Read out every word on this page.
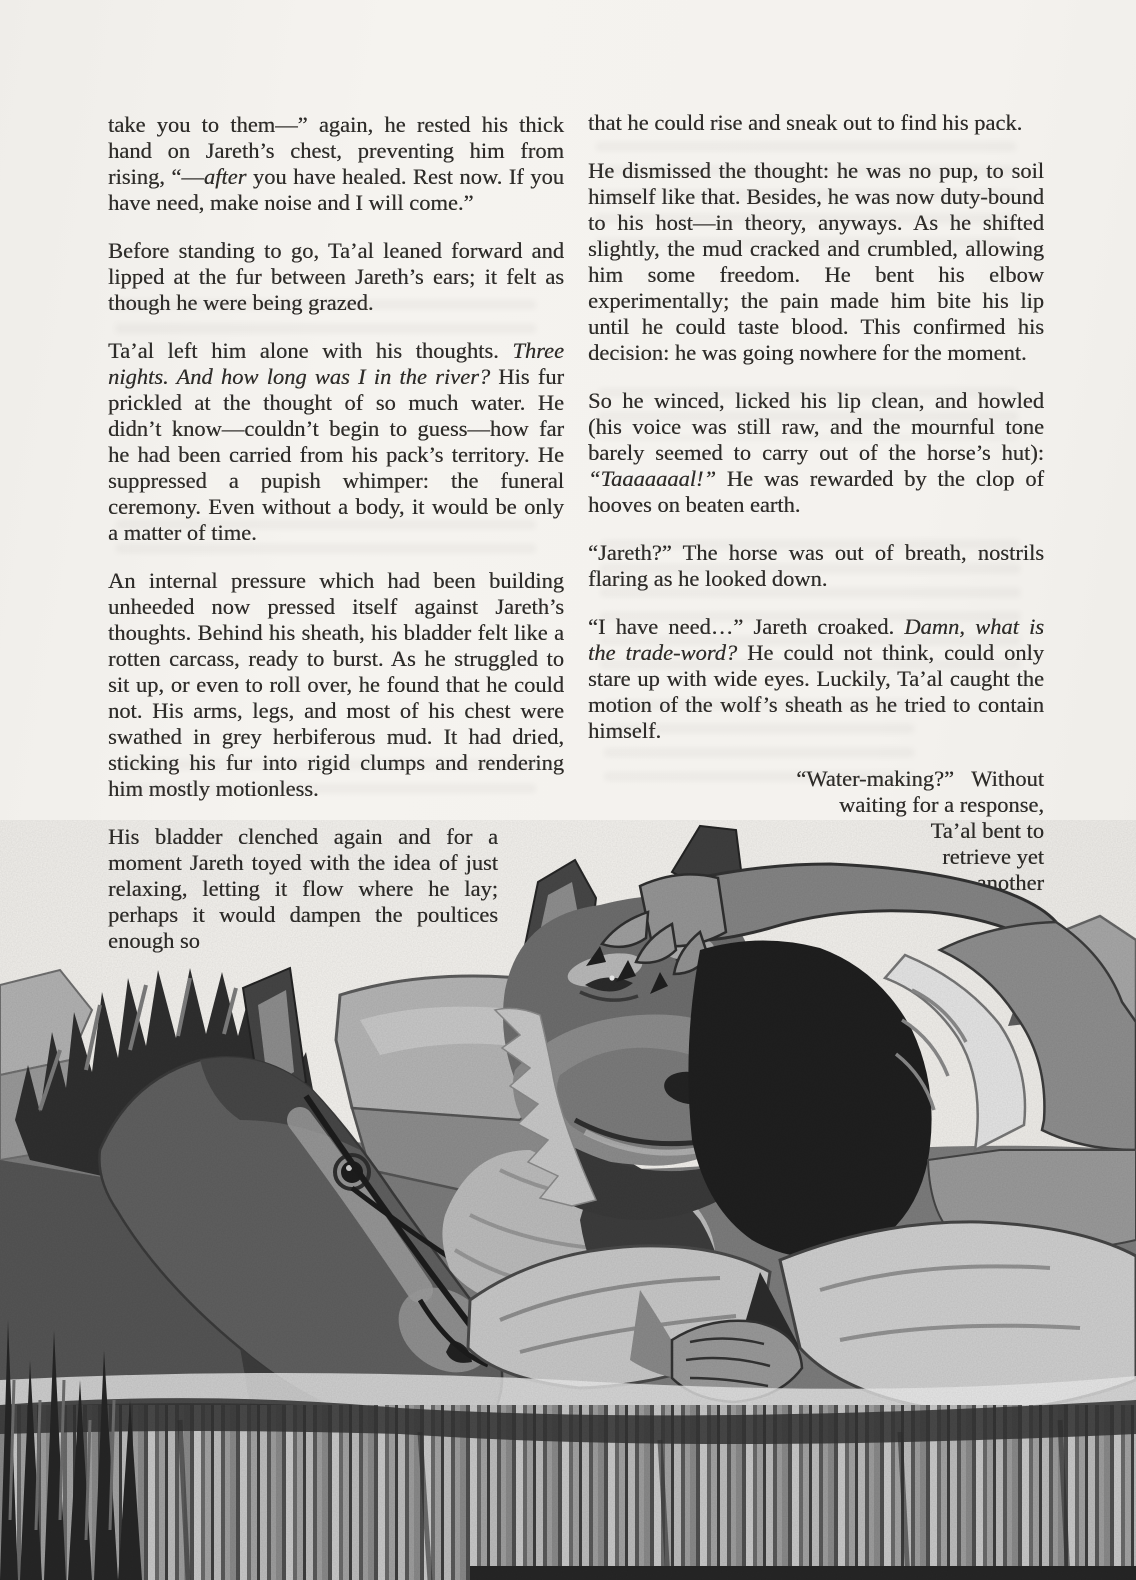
take you to them—” again, he rested his thick hand on Jareth’s chest, preventing him from rising, “—after you have healed. Rest now. If you have need, make noise and I will come.”

Before standing to go, Ta’al leaned forward and lipped at the fur between Jareth’s ears; it felt as though he were being grazed.

Ta’al left him alone with his thoughts. Three nights. And how long was I in the river? His fur prickled at the thought of so much water. He didn’t know—couldn’t begin to guess—how far he had been carried from his pack’s territory. He suppressed a pupish whimper: the funeral ceremony. Even without a body, it would be only a matter of time.

An internal pressure which had been building unheeded now pressed itself against Jareth’s thoughts. Behind his sheath, his bladder felt like a rotten carcass, ready to burst. As he struggled to sit up, or even to roll over, he found that he could not. His arms, legs, and most of his chest were swathed in grey herbiferous mud. It had dried, sticking his fur into rigid clumps and rendering him mostly motionless.

that he could rise and sneak out to find his pack.

He dismissed the thought: he was no pup, to soil himself like that. Besides, he was now duty-bound to his host—in theory, anyways. As he shifted slightly, the mud cracked and crumbled, allowing him some freedom. He bent his elbow experimentally; the pain made him bite his lip until he could taste blood. This confirmed his decision: he was going nowhere for the moment.

So he winced, licked his lip clean, and howled (his voice was still raw, and the mournful tone barely seemed to carry out of the horse’s hut): “Taaaaaaal!” He was rewarded by the clop of hooves on beaten earth.

“Jareth?” The horse was out of breath, nostrils flaring as he looked down.

“I have need…” Jareth croaked. Damn, what is the trade-word? He could not think, could only stare up with wide eyes. Luckily, Ta’al caught the motion of the wolf’s sheath as he tried to contain himself.

“Water-making?” Without
waiting for a response,
